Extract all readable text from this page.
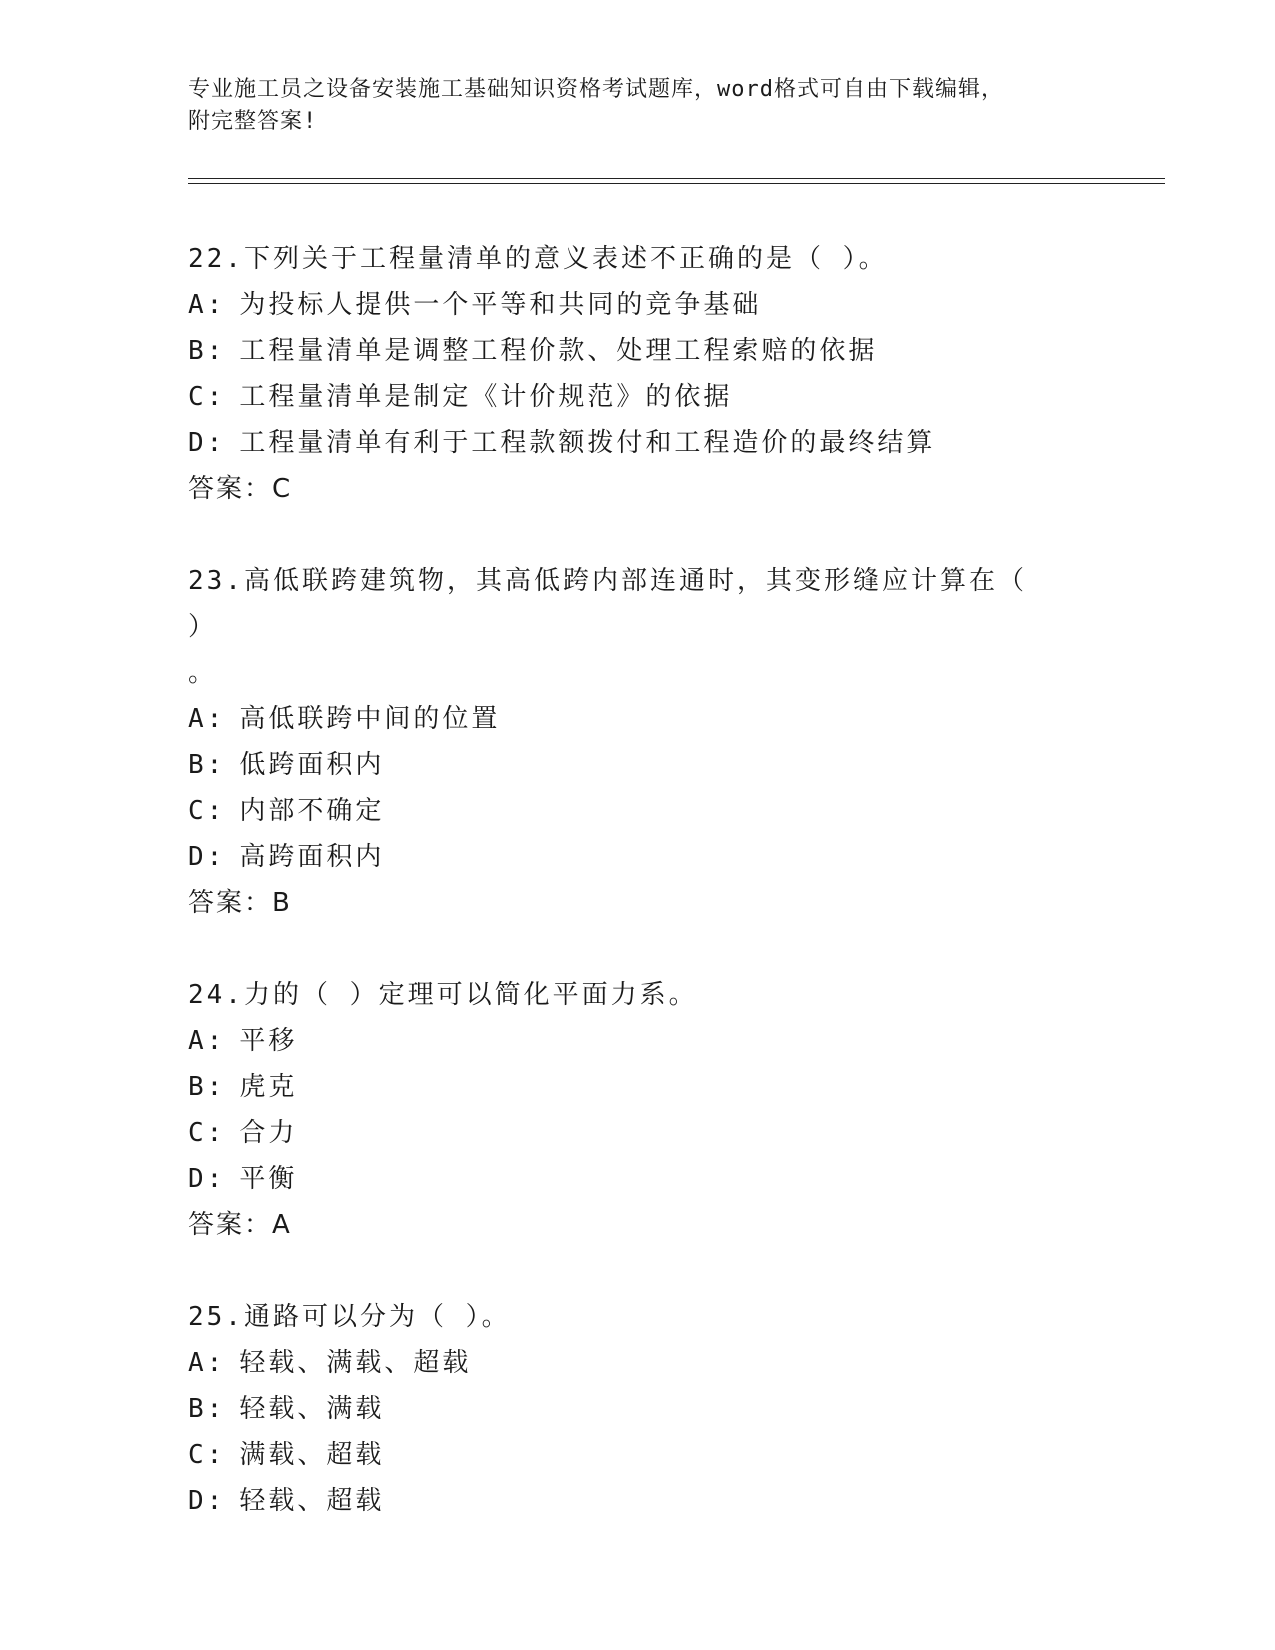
专业施工员之设备安装施工基础知识资格考试题库，word格式可自由下载编辑，
附完整答案!
22.下列关于工程量清单的意义表述不正确的是（ ）。
A: 为投标人提供一个平等和共同的竞争基础
B: 工程量清单是调整工程价款、处理工程索赔的依据
C: 工程量清单是制定《计价规范》的依据
D: 工程量清单有利于工程款额拨付和工程造价的最终结算
答案：C
23.高低联跨建筑物，其高低跨内部连通时，其变形缝应计算在（ ）
。
A: 高低联跨中间的位置
B: 低跨面积内
C: 内部不确定
D: 高跨面积内
答案：B
24.力的（ ）定理可以简化平面力系。
A: 平移
B: 虎克
C: 合力
D: 平衡
答案：A
25.通路可以分为（ ）。
A: 轻载、满载、超载
B: 轻载、满载
C: 满载、超载
D: 轻载、超载
